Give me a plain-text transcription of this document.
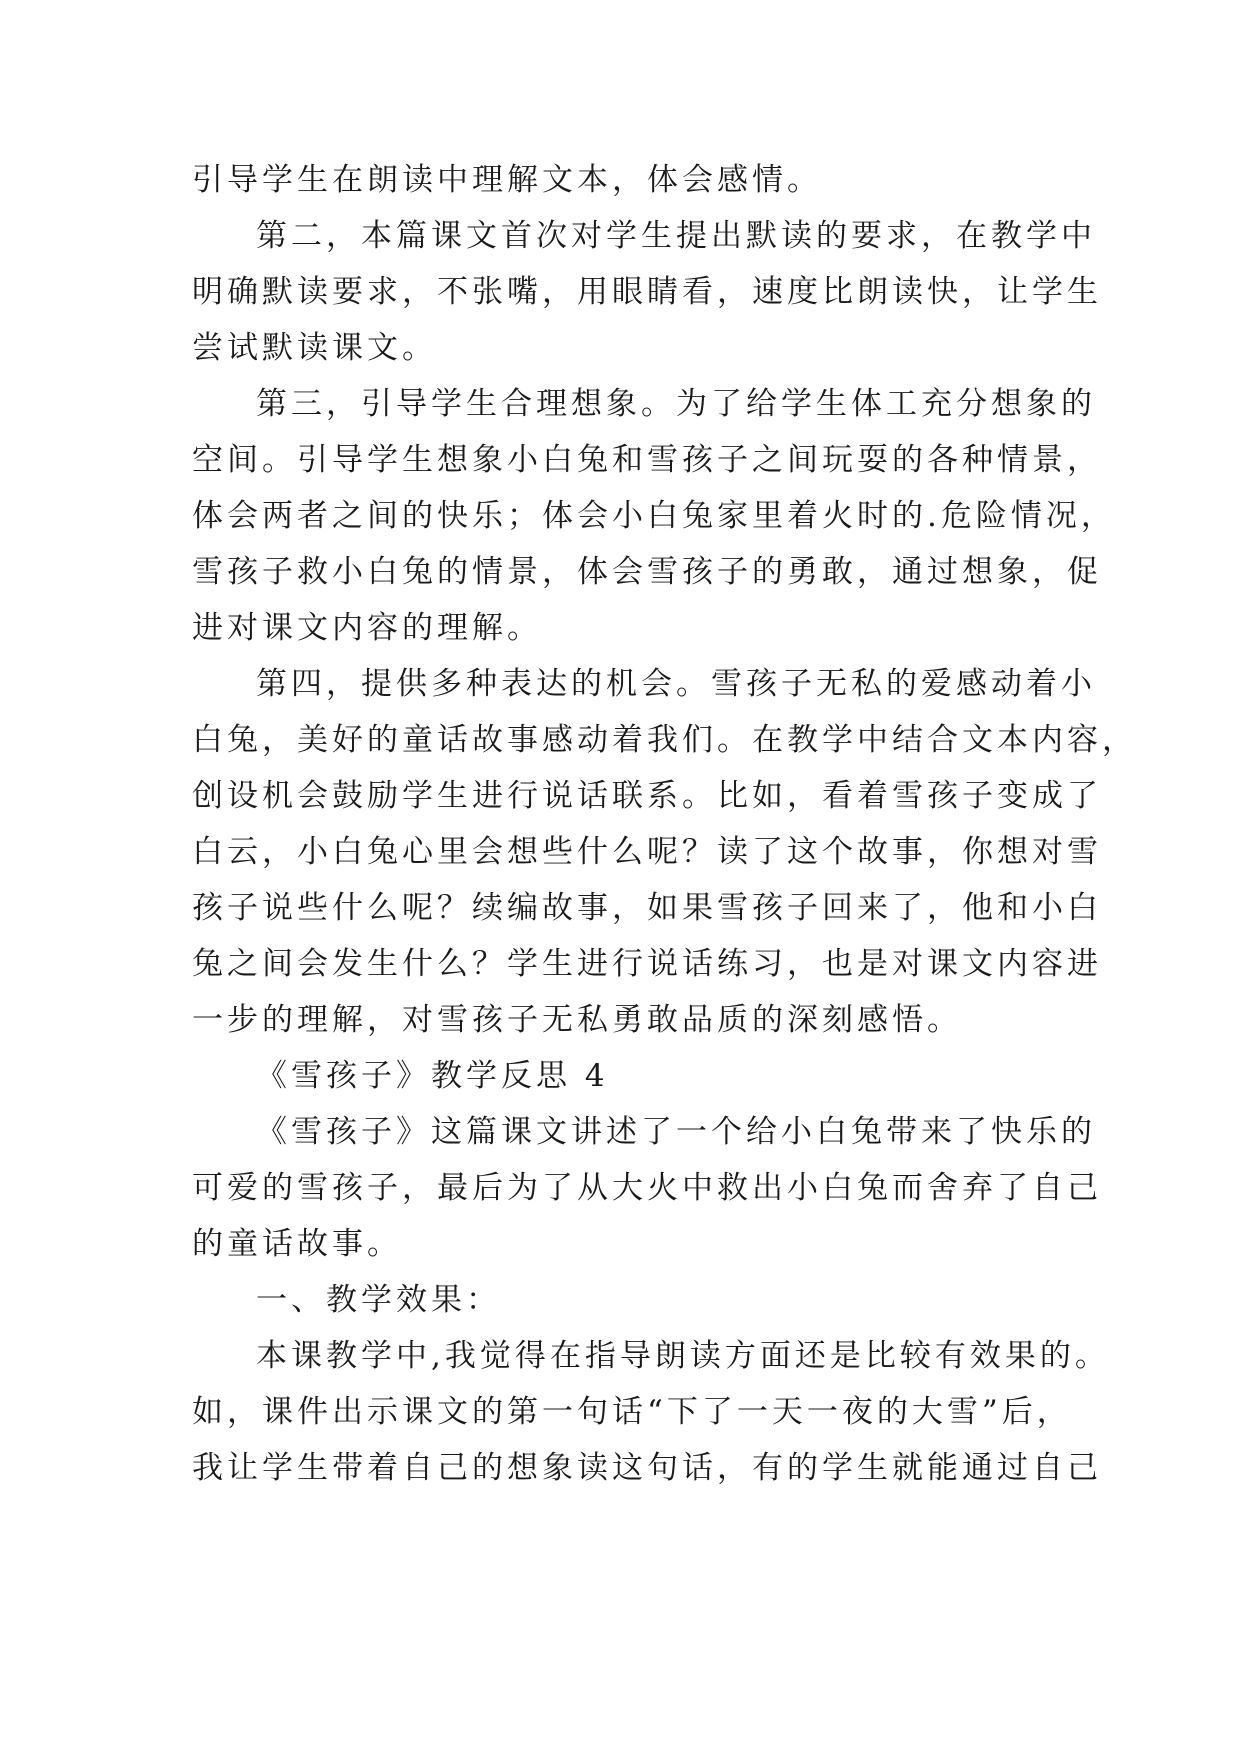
引导学生在朗读中理解文本，体会感情。
第二，本篇课文首次对学生提出默读的要求，在教学中
明确默读要求，不张嘴，用眼睛看，速度比朗读快，让学生
尝试默读课文。
第三，引导学生合理想象。为了给学生体工充分想象的
空间。引导学生想象小白兔和雪孩子之间玩耍的各种情景，
体会两者之间的快乐；体会小白兔家里着火时的.危险情况，
雪孩子救小白兔的情景，体会雪孩子的勇敢，通过想象，促
进对课文内容的理解。
第四，提供多种表达的机会。雪孩子无私的爱感动着小
白兔，美好的童话故事感动着我们。在教学中结合文本内容，
创设机会鼓励学生进行说话联系。比如，看着雪孩子变成了
白云，小白兔心里会想些什么呢？读了这个故事，你想对雪
孩子说些什么呢？续编故事，如果雪孩子回来了，他和小白
兔之间会发生什么？学生进行说话练习，也是对课文内容进
一步的理解，对雪孩子无私勇敢品质的深刻感悟。
《雪孩子》教学反思 4
《雪孩子》这篇课文讲述了一个给小白兔带来了快乐的
可爱的雪孩子，最后为了从大火中救出小白兔而舍弃了自己
的童话故事。
一、教学效果：
本课教学中,我觉得在指导朗读方面还是比较有效果的。
如，课件出示课文的第一句话“下了一天一夜的大雪”后，
我让学生带着自己的想象读这句话，有的学生就能通过自己
